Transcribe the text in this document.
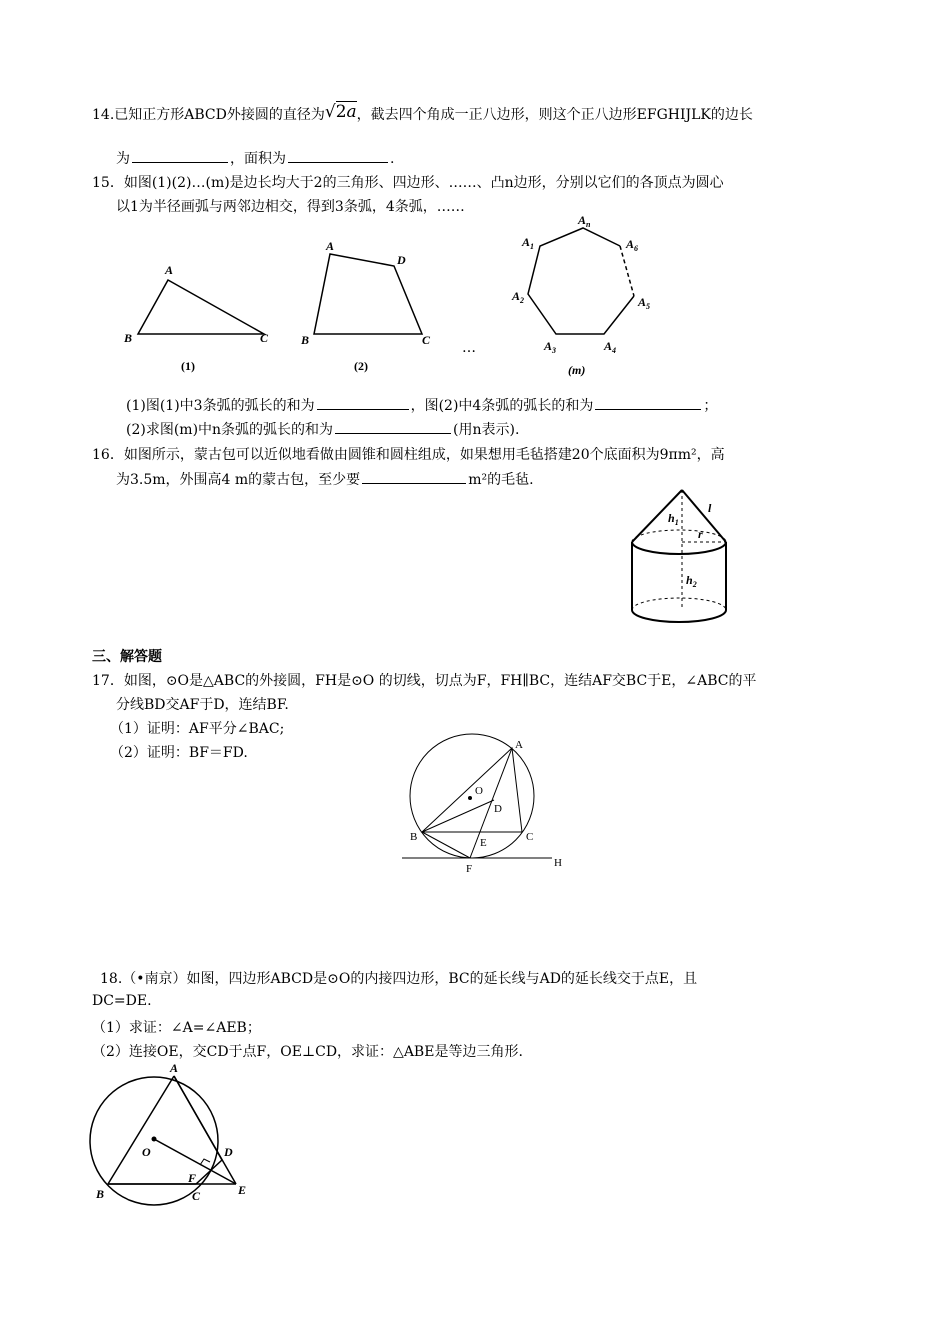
14.已知正方形ABCD外接圆的直径为√2a，截去四个角成一正八边形，则这个正八边形EFGHIJLK的边长
为	，面积为	.
15．如图(1)(2)…(m)是边长均大于2的三角形、四边形、……、凸n边形，分别以它们的各顶点为圆心
以1为半径画弧与两邻边相交，得到3条弧，4条弧，……
A
B	C
(1)
A
D
B	C
(2)
…
$A_1$
$A_n$
$A_6$
$A_2$	$A_5$
$A_3$	$A_4$
(m)
(1)图(1)中3条弧的弧长的和为	，图(2)中4条弧的弧长的和为	；
(2)求图(m)中n条弧的弧长的和为	(用n表示).
16．如图所示，蒙古包可以近似地看做由圆锥和圆柱组成，如果想用毛毡搭建20个底面积为9πm²，高
为3.5m，外围高4 m的蒙古包，至少要	m²的毛毡.
$h_1$
l
r
$h_2$
三、解答题
17．如图，⊙O是△ABC的外接圆，FH是⊙O 的切线，切点为F，FH∥BC，连结AF交BC于E，∠ABC的平
分线BD交AF于D，连结BF.
（1）证明：AF平分∠BAC;
（2）证明：BF＝FD.	A
O
D
B	C
E
F	H
18.（•南京）如图，四边形ABCD是⊙O的内接四边形，BC的延长线与AD的延长线交于点E，且
DC=DE.
（1）求证：∠A=∠AEB；
（2）连接OE，交CD于点F，OE⊥CD，求证：△ABE是等边三角形.
A
O	D
F
B	C	E
